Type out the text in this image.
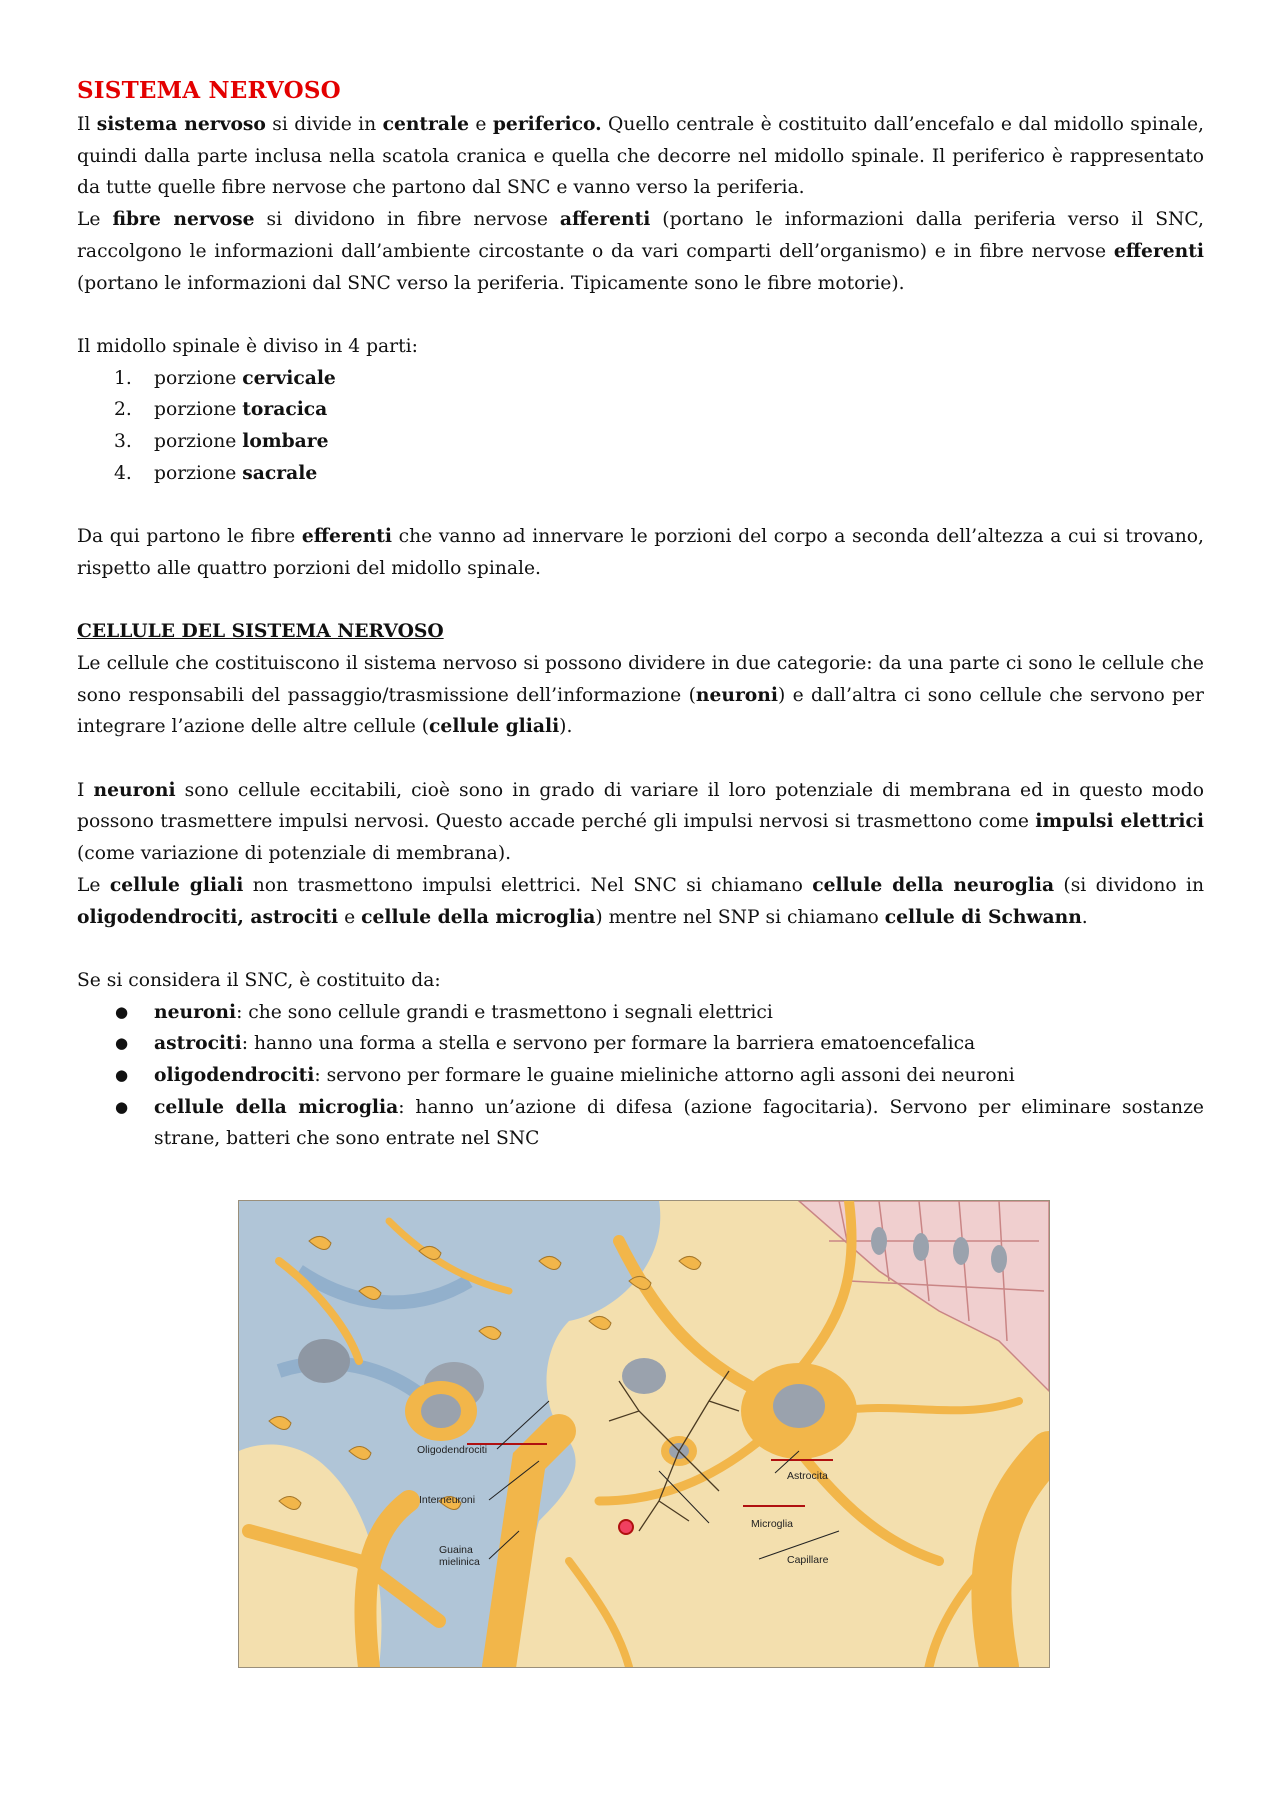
SISTEMA NERVOSO

Il sistema nervoso si divide in centrale e periferico. Quello centrale è costituito dall’encefalo e dal midollo spinale, quindi dalla parte inclusa nella scatola cranica e quella che decorre nel midollo spinale. Il periferico è rappresentato da tutte quelle fibre nervose che partono dal SNC e vanno verso la periferia.

Le fibre nervose si dividono in fibre nervose afferenti (portano le informazioni dalla periferia verso il SNC, raccolgono le informazioni dall’ambiente circostante o da vari comparti dell’organismo) e in fibre nervose efferenti (portano le informazioni dal SNC verso la periferia. Tipicamente sono le fibre motorie).

Il midollo spinale è diviso in 4 parti:

1.	porzione cervicale
2.	porzione toracica
3.	porzione lombare
4.	porzione sacrale

Da qui partono le fibre efferenti che vanno ad innervare le porzioni del corpo a seconda dell’altezza a cui si trovano, rispetto alle quattro porzioni del midollo spinale.

CELLULE DEL SISTEMA NERVOSO

Le cellule che costituiscono il sistema nervoso si possono dividere in due categorie: da una parte ci sono le cellule che sono responsabili del passaggio/trasmissione dell’informazione (neuroni) e dall’altra ci sono cellule che servono per integrare l’azione delle altre cellule (cellule gliali).

I neuroni sono cellule eccitabili, cioè sono in grado di variare il loro potenziale di membrana ed in questo modo possono trasmettere impulsi nervosi. Questo accade perché gli impulsi nervosi si trasmettono come impulsi elettrici (come variazione di potenziale di membrana).

Le cellule gliali non trasmettono impulsi elettrici. Nel SNC si chiamano cellule della neuroglia (si dividono in oligodendrociti, astrociti e cellule della microglia) mentre nel SNP si chiamano cellule di Schwann.

Se si considera il SNC, è costituito da:

● neuroni: che sono cellule grandi e trasmettono i segnali elettrici
● astrociti: hanno una forma a stella e servono per formare la barriera ematoencefalica
● oligodendrociti: servono per formare le guaine mieliniche attorno agli assoni dei neuroni
● cellule della microglia: hanno un’azione di difesa (azione fagocitaria). Servono per eliminare sostanze strane, batteri che sono entrate nel SNC
Oligodendrociti
Interneuroni
Guaina
mielinica
Astrocita
Microglia
Capillare
